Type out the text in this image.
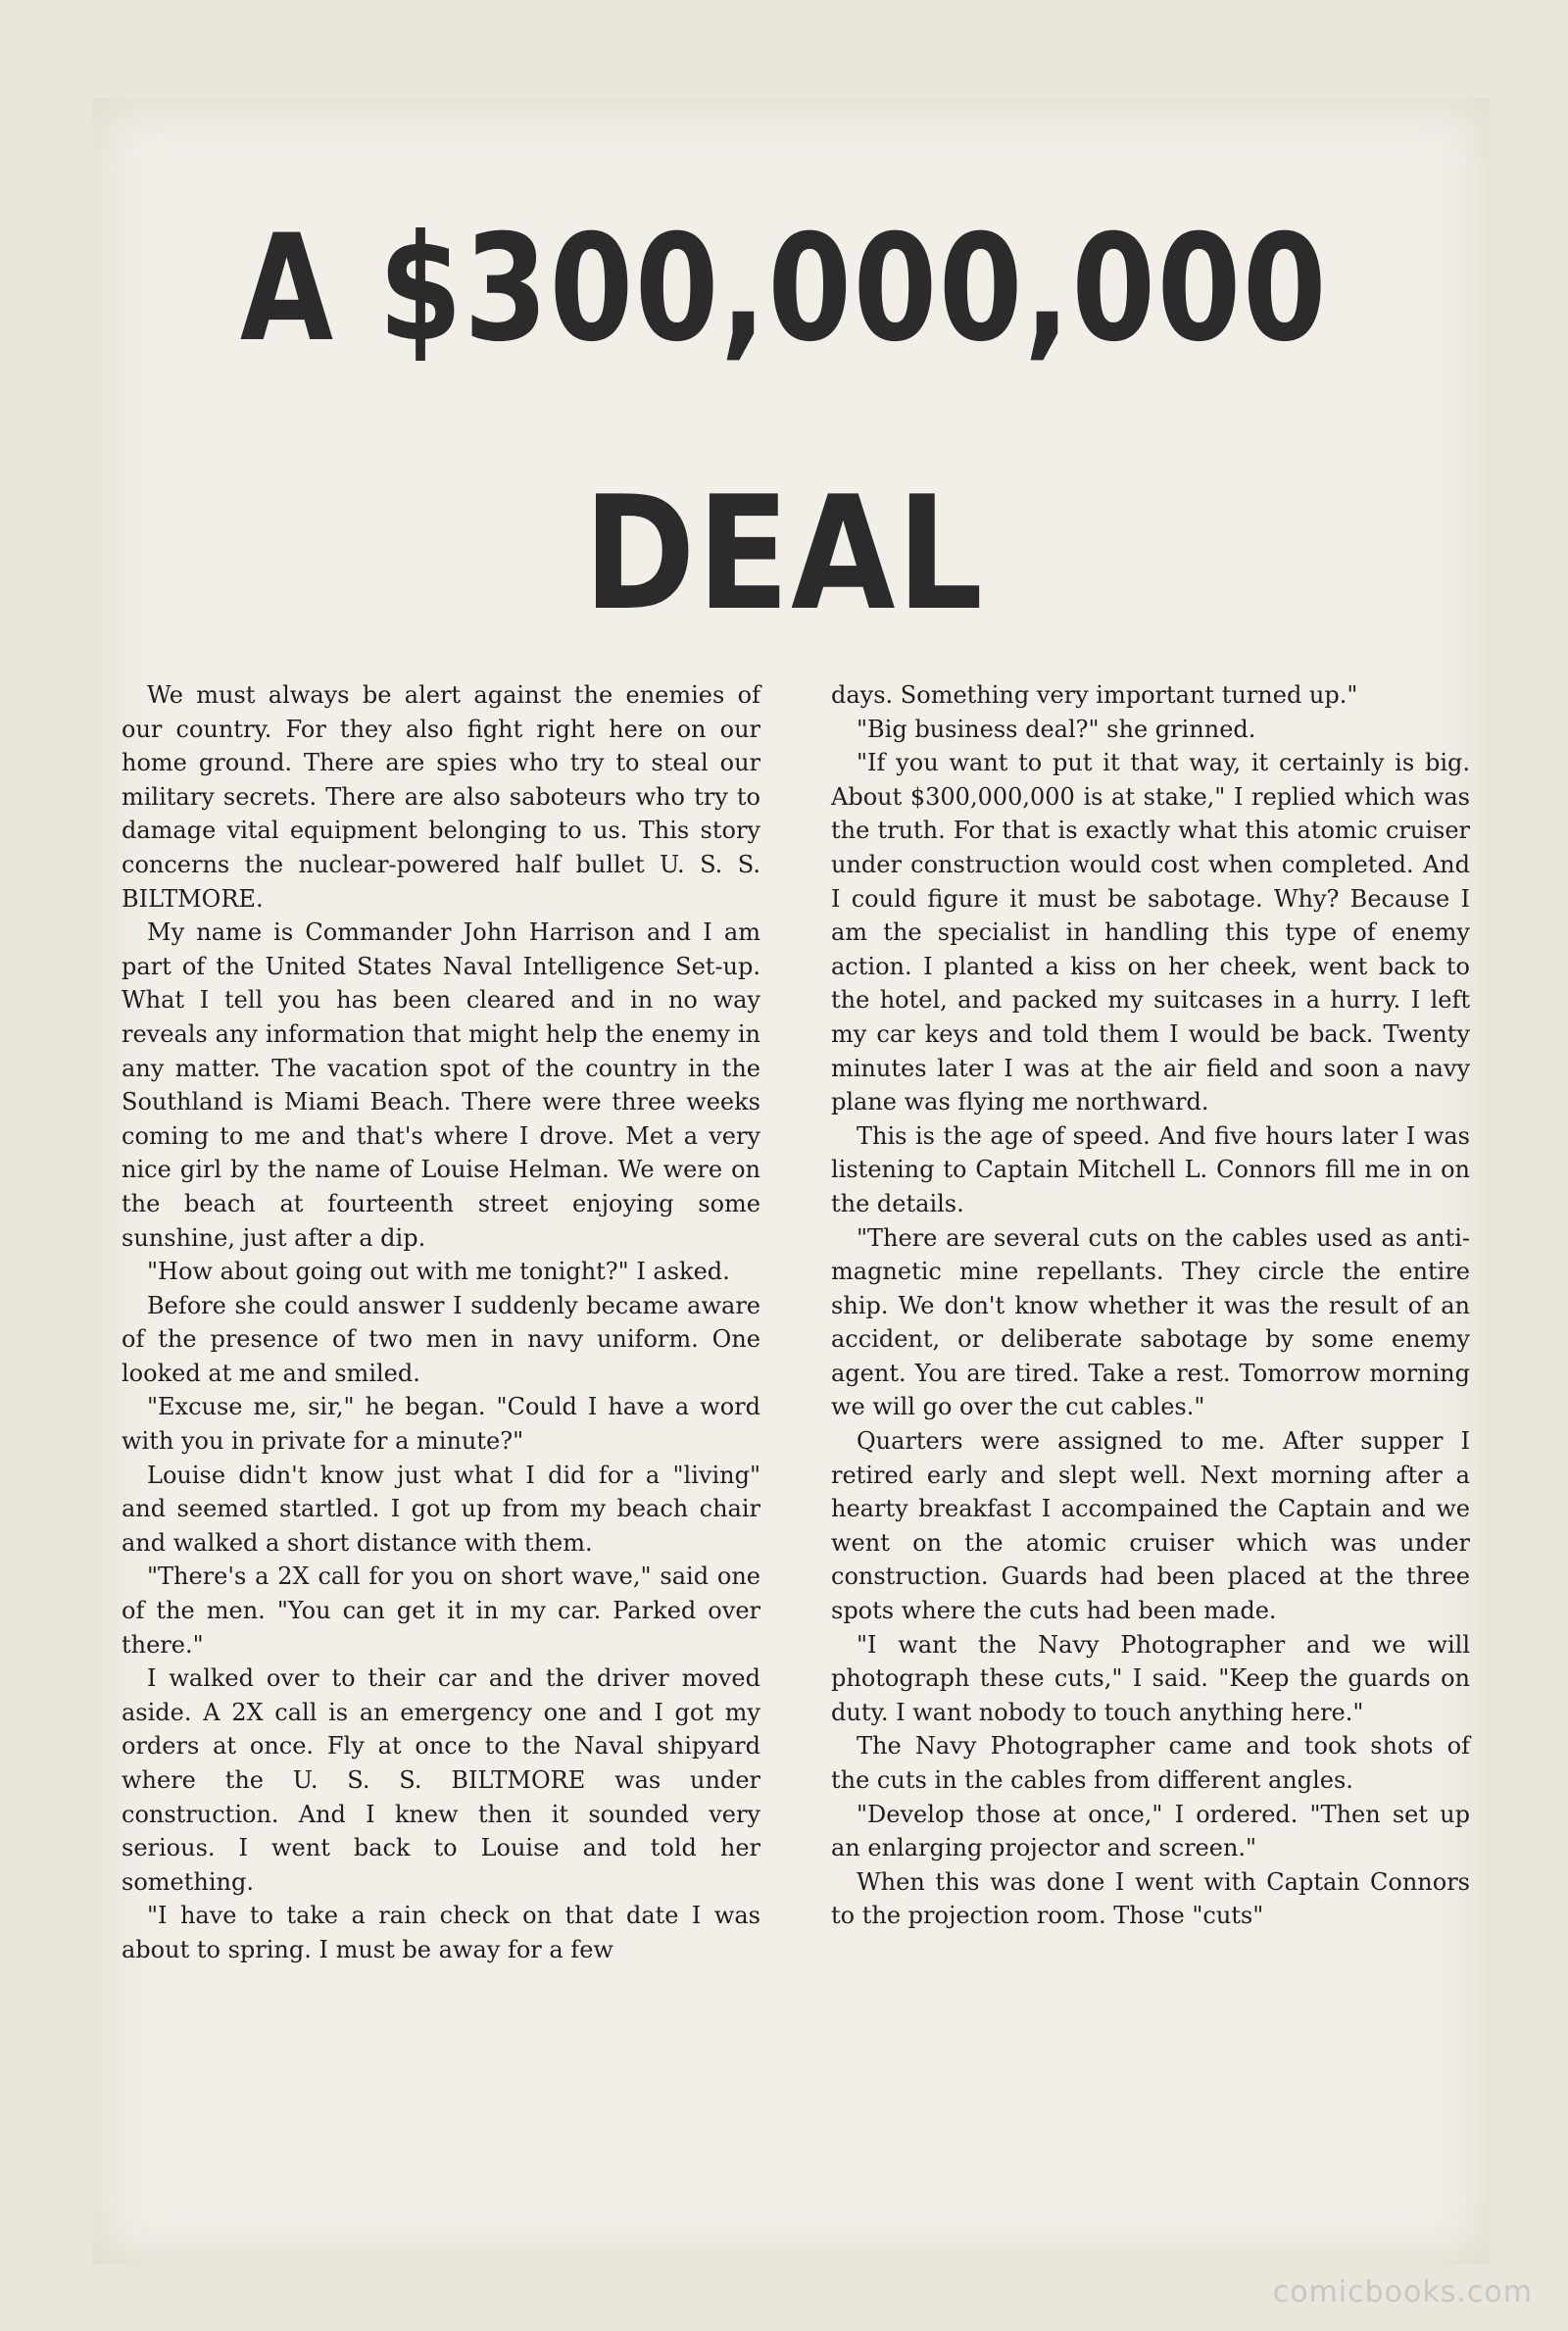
A $300,000,000
DEAL

We must always be alert against the enemies of our country. For they also fight right here on our home ground. There are spies who try to steal our military secrets. There are also saboteurs who try to damage vital equipment belonging to us. This story concerns the nuclear-powered half bullet U. S. S. BILTMORE.

My name is Commander John Harrison and I am part of the United States Naval Intelligence Set-up. What I tell you has been cleared and in no way reveals any information that might help the enemy in any matter. The vacation spot of the country in the Southland is Miami Beach. There were three weeks coming to me and that's where I drove. Met a very nice girl by the name of Louise Helman. We were on the beach at fourteenth street enjoying some sunshine, just after a dip.

"How about going out with me tonight?" I asked.

Before she could answer I suddenly became aware of the presence of two men in navy uniform. One looked at me and smiled.

"Excuse me, sir," he began. "Could I have a word with you in private for a minute?"

Louise didn't know just what I did for a "living" and seemed startled. I got up from my beach chair and walked a short distance with them.

"There's a 2X call for you on short wave," said one of the men. "You can get it in my car. Parked over there."

I walked over to their car and the driver moved aside. A 2X call is an emergency one and I got my orders at once. Fly at once to the Naval shipyard where the U. S. S. BILTMORE was under construction. And I knew then it sounded very serious. I went back to Louise and told her something.

"I have to take a rain check on that date I was about to spring. I must be away for a few

days. Something very important turned up."

"Big business deal?" she grinned.

"If you want to put it that way, it certainly is big. About $300,000,000 is at stake," I replied which was the truth. For that is exactly what this atomic cruiser under construction would cost when completed. And I could figure it must be sabotage. Why? Because I am the specialist in handling this type of enemy action. I planted a kiss on her cheek, went back to the hotel, and packed my suitcases in a hurry. I left my car keys and told them I would be back. Twenty minutes later I was at the air field and soon a navy plane was flying me northward.

This is the age of speed. And five hours later I was listening to Captain Mitchell L. Connors fill me in on the details.

"There are several cuts on the cables used as anti-magnetic mine repellants. They circle the entire ship. We don't know whether it was the result of an accident, or deliberate sabotage by some enemy agent. You are tired. Take a rest. Tomorrow morning we will go over the cut cables."

Quarters were assigned to me. After supper I retired early and slept well. Next morning after a hearty breakfast I accompained the Captain and we went on the atomic cruiser which was under construction. Guards had been placed at the three spots where the cuts had been made.

"I want the Navy Photographer and we will photograph these cuts," I said. "Keep the guards on duty. I want nobody to touch anything here."

The Navy Photographer came and took shots of the cuts in the cables from different angles.

"Develop those at once," I ordered. "Then set up an enlarging projector and screen."

When this was done I went with Captain Connors to the projection room. Those "cuts"

comicbooks.com
